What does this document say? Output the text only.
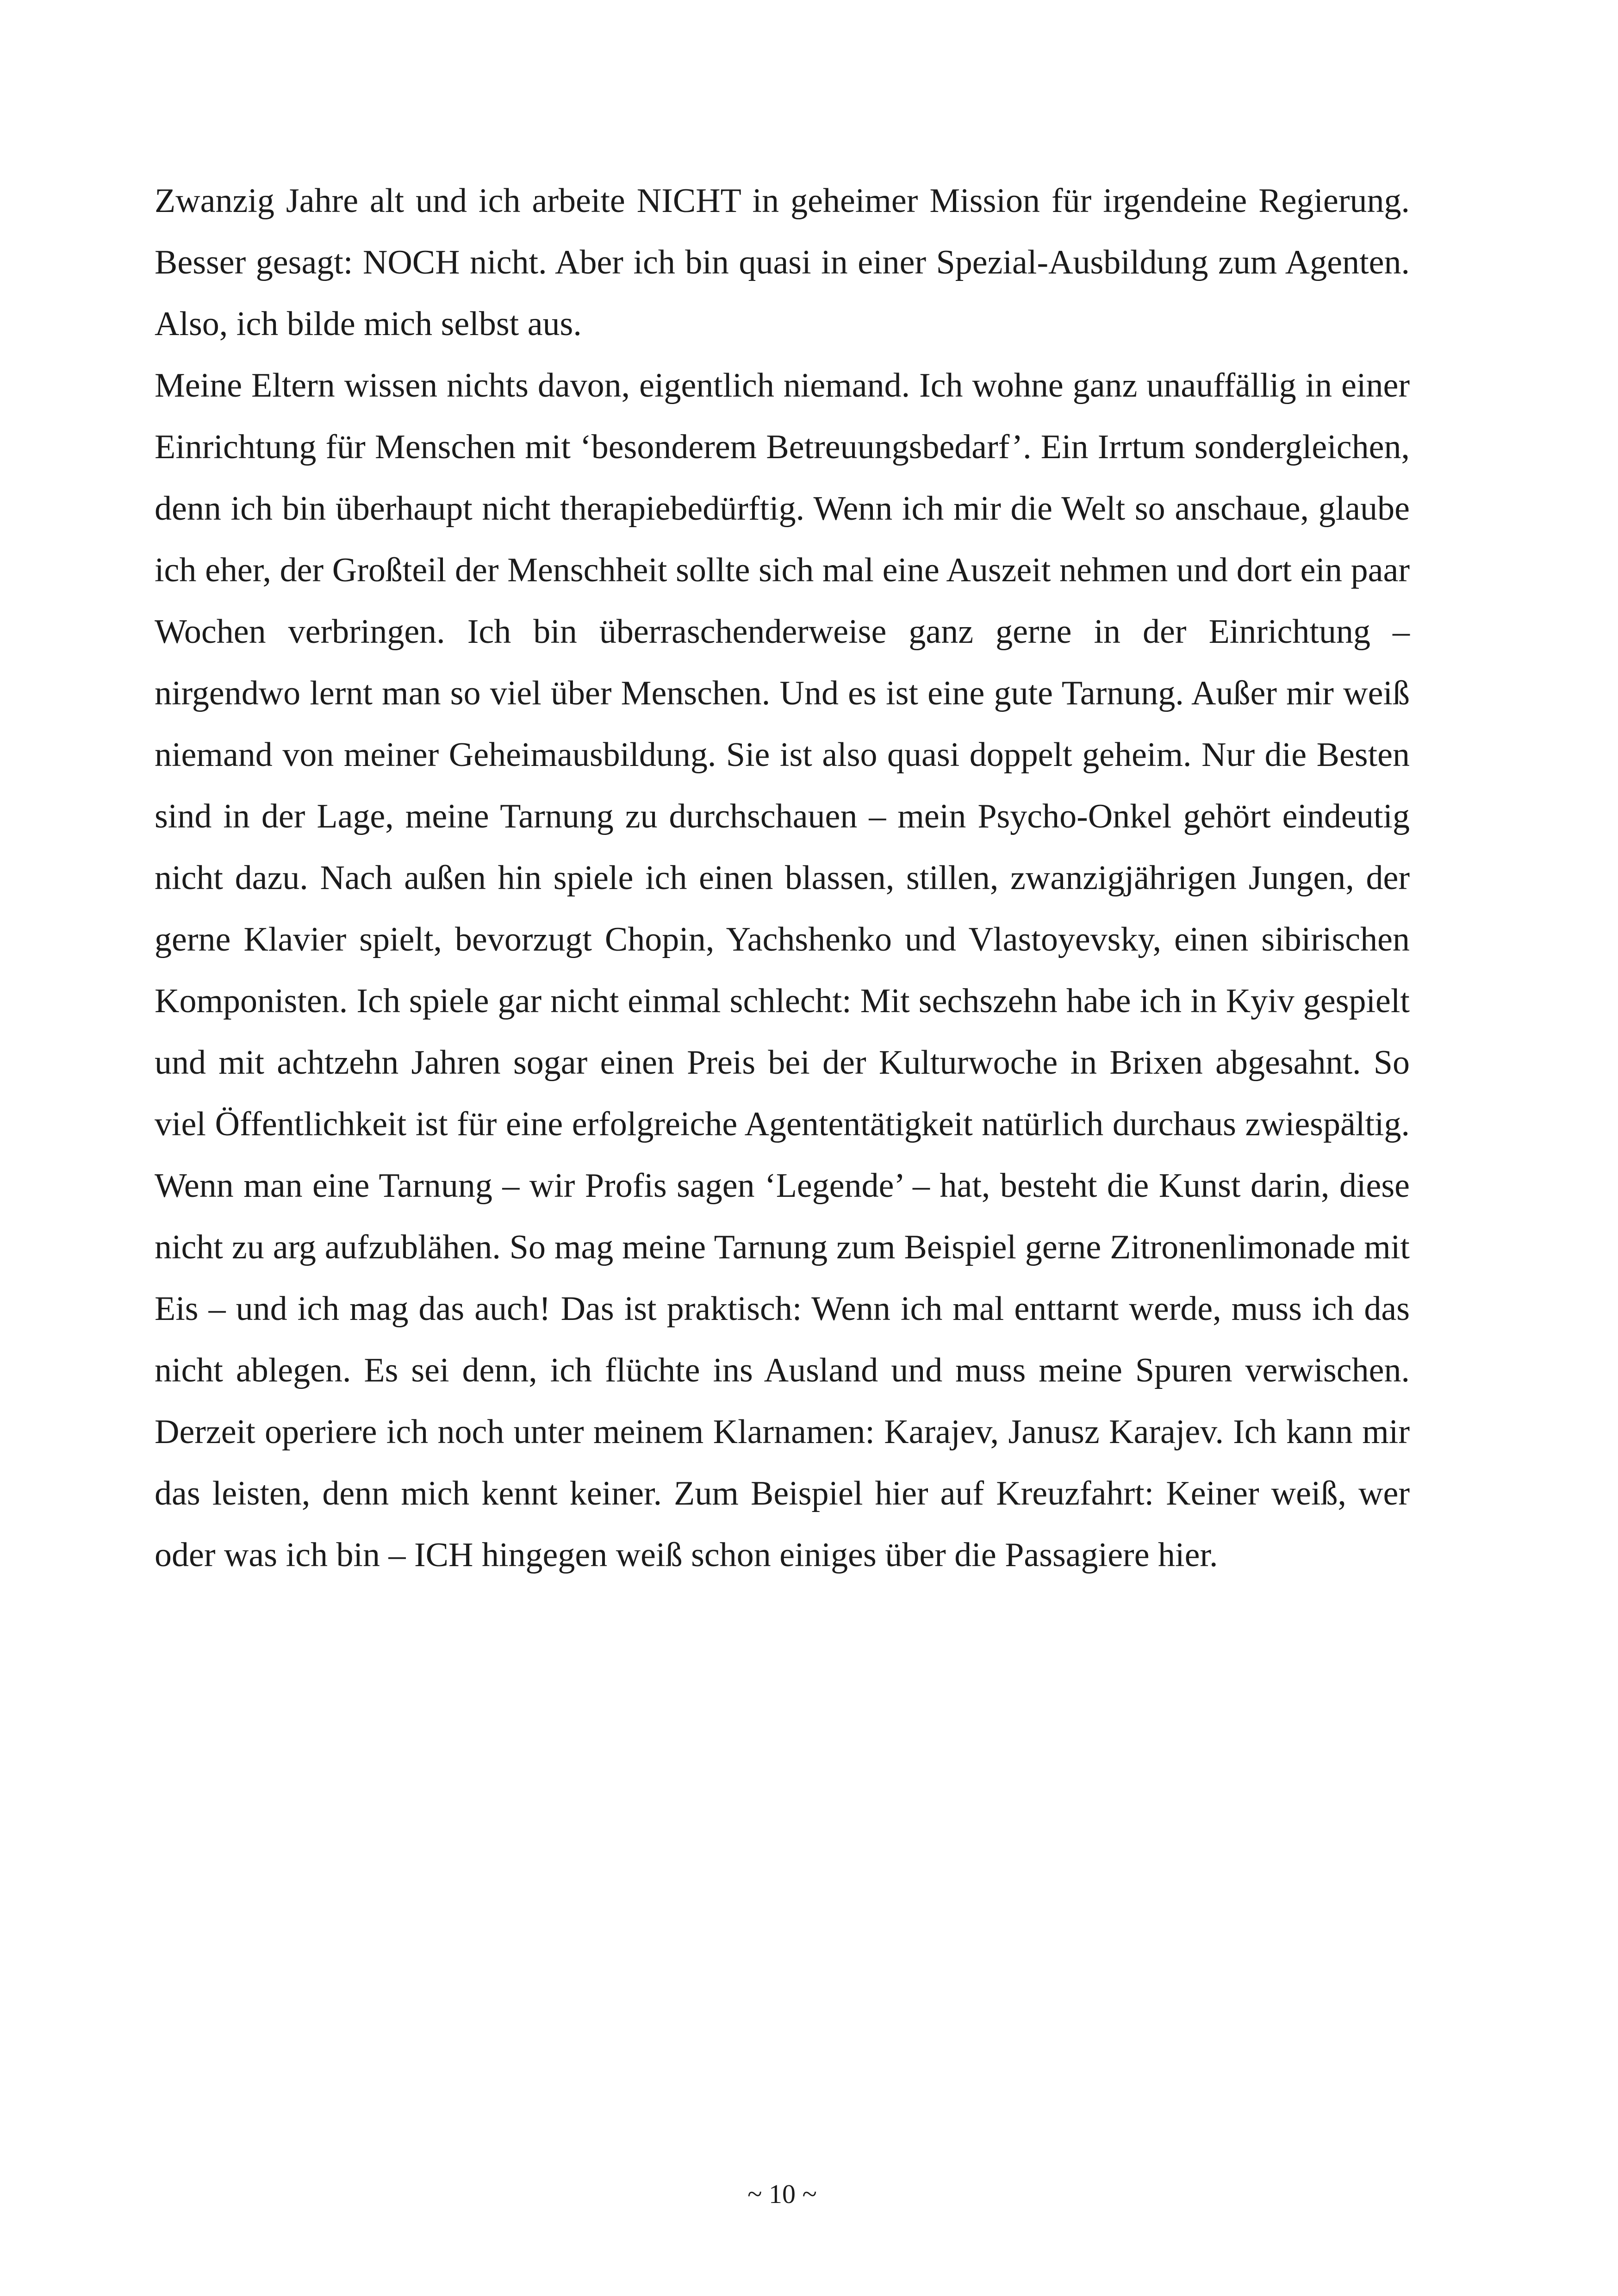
Zwanzig Jahre alt und ich arbeite NICHT in geheimer Mission für irgendeine Regierung. Besser gesagt: NOCH nicht. Aber ich bin quasi in einer Spezial-Ausbildung zum Agenten. Also, ich bilde mich selbst aus.

Meine Eltern wissen nichts davon, eigentlich niemand. Ich wohne ganz unauffällig in einer Einrichtung für Menschen mit ʻbesonderem Betreuungsbedarf’. Ein Irrtum sondergleichen, denn ich bin überhaupt nicht therapiebedürftig. Wenn ich mir die Welt so anschaue, glaube ich eher, der Großteil der Menschheit sollte sich mal eine Auszeit nehmen und dort ein paar Wochen verbringen. Ich bin überraschenderweise ganz gerne in der Einrichtung – nirgendwo lernt man so viel über Menschen. Und es ist eine gute Tarnung. Außer mir weiß niemand von meiner Geheimausbildung. Sie ist also quasi doppelt geheim. Nur die Besten sind in der Lage, meine Tarnung zu durchschauen – mein Psycho-Onkel gehört eindeutig nicht dazu. Nach außen hin spiele ich einen blassen, stillen, zwanzigjährigen Jungen, der gerne Klavier spielt, bevorzugt Chopin, Yachshenko und Vlastoyevsky, einen sibirischen Komponisten. Ich spiele gar nicht einmal schlecht: Mit sechszehn habe ich in Kyiv gespielt und mit achtzehn Jahren sogar einen Preis bei der Kulturwoche in Brixen abgesahnt. So viel Öffentlichkeit ist für eine erfolgreiche Agententätigkeit natürlich durchaus zwiespältig. Wenn man eine Tarnung – wir Profis sagen ʻLegende’ – hat, besteht die Kunst darin, diese nicht zu arg aufzublähen. So mag meine Tarnung zum Beispiel gerne Zitronenlimonade mit Eis – und ich mag das auch! Das ist praktisch: Wenn ich mal enttarnt werde, muss ich das nicht ablegen. Es sei denn, ich flüchte ins Ausland und muss meine Spuren verwischen. Derzeit operiere ich noch unter meinem Klarnamen: Karajev, Janusz Karajev. Ich kann mir das leisten, denn mich kennt keiner. Zum Beispiel hier auf Kreuzfahrt: Keiner weiß, wer oder was ich bin – ICH hingegen weiß schon einiges über die Passagiere hier.

~ 10 ~
